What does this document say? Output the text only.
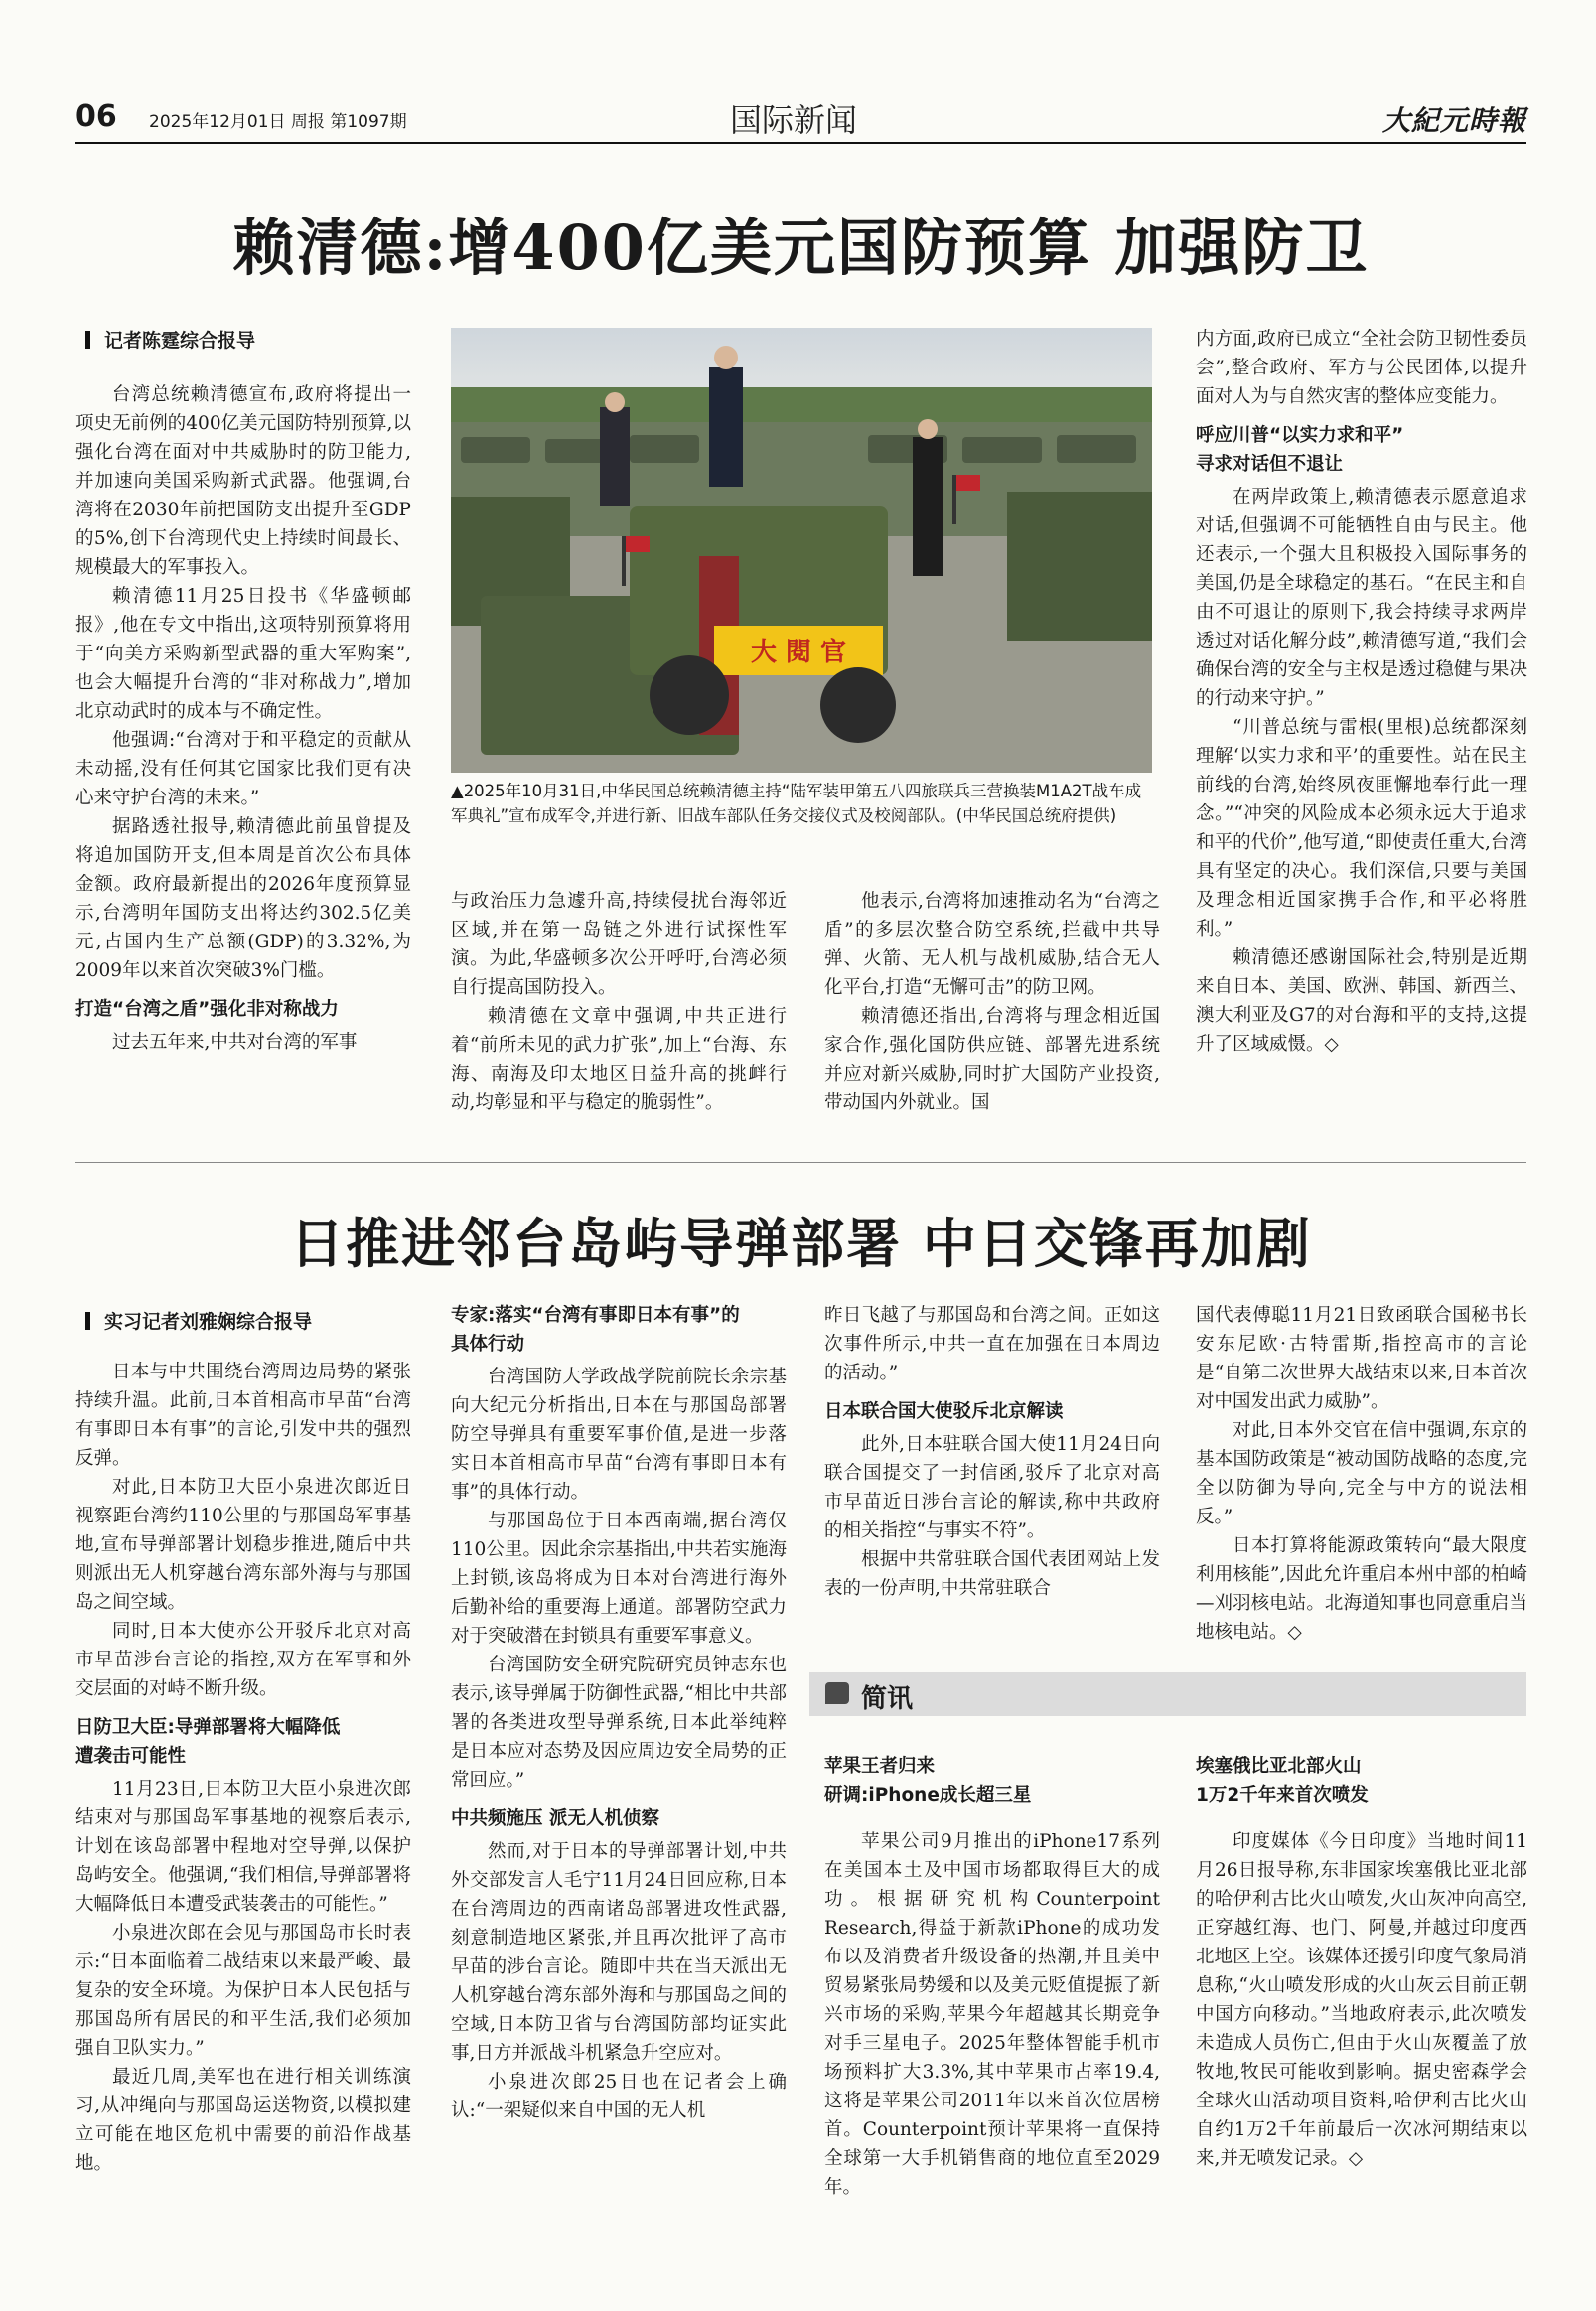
06 2025年12月01日 周报 第1097期	国际新闻	大紀元時報
赖清德:增400亿美元国防预算 加强防卫
记者陈霆综合报导

台湾总统赖清德宣布,政府将提出一项史无前例的400亿美元国防特别预算,以强化台湾在面对中共威胁时的防卫能力,并加速向美国采购新式武器。他强调,台湾将在2030年前把国防支出提升至GDP的5%,创下台湾现代史上持续时间最长、规模最大的军事投入。

赖清德11月25日投书《华盛顿邮报》,他在专文中指出,这项特别预算将用于“向美方采购新型武器的重大军购案”,也会大幅提升台湾的“非对称战力”,增加北京动武时的成本与不确定性。

他强调:“台湾对于和平稳定的贡献从未动摇,没有任何其它国家比我们更有决心来守护台湾的未来。”

据路透社报导,赖清德此前虽曾提及将追加国防开支,但本周是首次公布具体金额。政府最新提出的2026年度预算显示,台湾明年国防支出将达约302.5亿美元,占国内生产总额(GDP)的3.32%,为2009年以来首次突破3%门槛。

打造“台湾之盾”强化非对称战力

过去五年来,中共对台湾的军事

大 閱 官
▲2025年10月31日,中华民国总统赖清德主持“陆军装甲第五八四旅联兵三营换装M1A2T战车成军典礼”宣布成军令,并进行新、旧战车部队任务交接仪式及校阅部队。(中华民国总统府提供)

与政治压力急遽升高,持续侵扰台海邻近区域,并在第一岛链之外进行试探性军演。为此,华盛顿多次公开呼吁,台湾必须自行提高国防投入。

赖清德在文章中强调,中共正进行着“前所未见的武力扩张”,加上“台海、东海、南海及印太地区日益升高的挑衅行动,均彰显和平与稳定的脆弱性”。

他表示,台湾将加速推动名为“台湾之盾”的多层次整合防空系统,拦截中共导弹、火箭、无人机与战机威胁,结合无人化平台,打造“无懈可击”的防卫网。

赖清德还指出,台湾将与理念相近国家合作,强化国防供应链、部署先进系统并应对新兴威胁,同时扩大国防产业投资,带动国内外就业。国

内方面,政府已成立“全社会防卫韧性委员会”,整合政府、军方与公民团体,以提升面对人为与自然灾害的整体应变能力。

呼应川普“以实力求和平”
寻求对话但不退让

在两岸政策上,赖清德表示愿意追求对话,但强调不可能牺牲自由与民主。他还表示,一个强大且积极投入国际事务的美国,仍是全球稳定的基石。“在民主和自由不可退让的原则下,我会持续寻求两岸透过对话化解分歧”,赖清德写道,“我们会确保台湾的安全与主权是透过稳健与果决的行动来守护。”

“川普总统与雷根(里根)总统都深刻理解‘以实力求和平’的重要性。站在民主前线的台湾,始终夙夜匪懈地奉行此一理念。”“冲突的风险成本必须永远大于追求和平的代价”,他写道,“即使责任重大,台湾具有坚定的决心。我们深信,只要与美国及理念相近国家携手合作,和平必将胜利。”

赖清德还感谢国际社会,特别是近期来自日本、美国、欧洲、韩国、新西兰、澳大利亚及G7的对台海和平的支持,这提升了区域威慑。◇

日推进邻台岛屿导弹部署 中日交锋再加剧
实习记者刘雅娴综合报导

日本与中共围绕台湾周边局势的紧张持续升温。此前,日本首相高市早苗“台湾有事即日本有事”的言论,引发中共的强烈反弹。

对此,日本防卫大臣小泉进次郎近日视察距台湾约110公里的与那国岛军事基地,宣布导弹部署计划稳步推进,随后中共则派出无人机穿越台湾东部外海与与那国岛之间空域。

同时,日本大使亦公开驳斥北京对高市早苗涉台言论的指控,双方在军事和外交层面的对峙不断升级。

日防卫大臣:导弹部署将大幅降低
遭袭击可能性

11月23日,日本防卫大臣小泉进次郎结束对与那国岛军事基地的视察后表示,计划在该岛部署中程地对空导弹,以保护岛屿安全。他强调,“我们相信,导弹部署将大幅降低日本遭受武装袭击的可能性。”

小泉进次郎在会见与那国岛市长时表示:“日本面临着二战结束以来最严峻、最复杂的安全环境。为保护日本人民包括与那国岛所有居民的和平生活,我们必须加强自卫队实力。”

最近几周,美军也在进行相关训练演习,从冲绳向与那国岛运送物资,以模拟建立可能在地区危机中需要的前沿作战基地。

专家:落实“台湾有事即日本有事”的
具体行动

台湾国防大学政战学院前院长余宗基向大纪元分析指出,日本在与那国岛部署防空导弹具有重要军事价值,是进一步落实日本首相高市早苗“台湾有事即日本有事”的具体行动。

与那国岛位于日本西南端,据台湾仅110公里。因此余宗基指出,中共若实施海上封锁,该岛将成为日本对台湾进行海外后勤补给的重要海上通道。部署防空武力对于突破潜在封锁具有重要军事意义。

台湾国防安全研究院研究员钟志东也表示,该导弹属于防御性武器,“相比中共部署的各类进攻型导弹系统,日本此举纯粹是日本应对态势及因应周边安全局势的正常回应。”

中共频施压 派无人机侦察

然而,对于日本的导弹部署计划,中共外交部发言人毛宁11月24日回应称,日本在台湾周边的西南诸岛部署进攻性武器,刻意制造地区紧张,并且再次批评了高市早苗的涉台言论。随即中共在当天派出无人机穿越台湾东部外海和与那国岛之间的空域,日本防卫省与台湾国防部均证实此事,日方并派战斗机紧急升空应对。

小泉进次郎25日也在记者会上确认:“一架疑似来自中国的无人机

昨日飞越了与那国岛和台湾之间。正如这次事件所示,中共一直在加强在日本周边的活动。”

日本联合国大使驳斥北京解读

此外,日本驻联合国大使11月24日向联合国提交了一封信函,驳斥了北京对高市早苗近日涉台言论的解读,称中共政府的相关指控“与事实不符”。

根据中共常驻联合国代表团网站上发表的一份声明,中共常驻联合

国代表傅聪11月21日致函联合国秘书长安东尼欧·古特雷斯,指控高市的言论是“自第二次世界大战结束以来,日本首次对中国发出武力威胁”。

对此,日本外交官在信中强调,东京的基本国防政策是“被动国防战略的态度,完全以防御为导向,完全与中方的说法相反。”

日本打算将能源政策转向“最大限度利用核能”,因此允许重启本州中部的柏崎—刈羽核电站。北海道知事也同意重启当地核电站。◇

简讯
苹果王者归来
研调:iPhone成长超三星

苹果公司9月推出的iPhone17系列在美国本土及中国市场都取得巨大的成功。根据研究机构Counterpoint Research,得益于新款iPhone的成功发布以及消费者升级设备的热潮,并且美中贸易紧张局势缓和以及美元贬值提振了新兴市场的采购,苹果今年超越其长期竞争对手三星电子。2025年整体智能手机市场预料扩大3.3%,其中苹果市占率19.4,这将是苹果公司2011年以来首次位居榜首。Counterpoint预计苹果将一直保持全球第一大手机销售商的地位直至2029年。

埃塞俄比亚北部火山
1万2千年来首次喷发

印度媒体《今日印度》当地时间11月26日报导称,东非国家埃塞俄比亚北部的哈伊利古比火山喷发,火山灰冲向高空,正穿越红海、也门、阿曼,并越过印度西北地区上空。该媒体还援引印度气象局消息称,“火山喷发形成的火山灰云目前正朝中国方向移动。”当地政府表示,此次喷发未造成人员伤亡,但由于火山灰覆盖了放牧地,牧民可能收到影响。据史密森学会全球火山活动项目资料,哈伊利古比火山自约1万2千年前最后一次冰河期结束以来,并无喷发记录。◇
